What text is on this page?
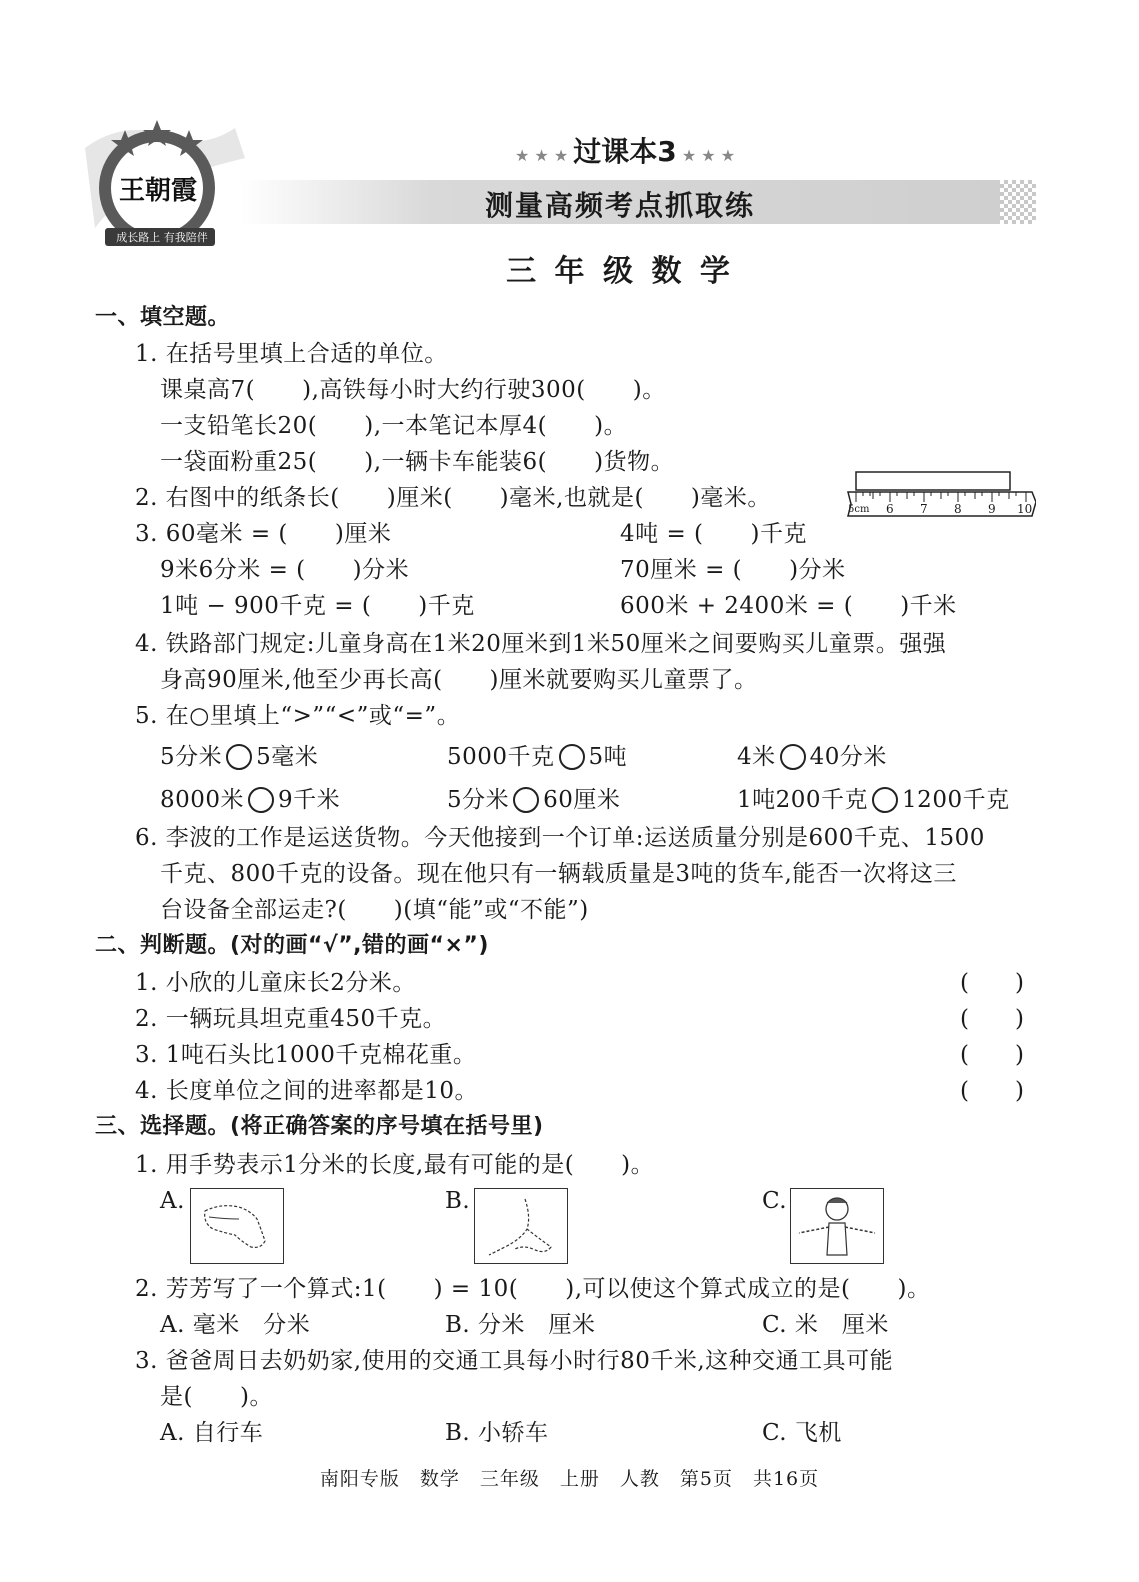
王朝霞
成长路上 有我陪伴
★ ★ ★ 过课本3 ★ ★ ★
测量高频考点抓取练
三 年 级 数 学
一、填空题。
1. 在括号里填上合适的单位。
课桌高7(　　),高铁每小时大约行驶300(　　)。
一支铅笔长20(　　),一本笔记本厚4(　　)。
一袋面粉重25(　　),一辆卡车能装6(　　)货物。
2. 右图中的纸条长(　　)厘米(　　)毫米,也就是(　　)毫米。	5cm 6 7 8 9 10
3. 60毫米 = (　　)厘米	4吨 = (　　)千克
9米6分米 = (　　)分米	70厘米 = (　　)分米
1吨 − 900千克 = (　　)千克	600米 + 2400米 = (　　)千米
4. 铁路部门规定:儿童身高在1米20厘米到1米50厘米之间要购买儿童票。强强
身高90厘米,他至少再长高(　　)厘米就要购买儿童票了。
5. 在○里填上“>”“<”或“=”。
5分米 5毫米	5000千克 5吨	4米 40分米
8000米 9千米	5分米 60厘米	1吨200千克 1200千克
6. 李波的工作是运送货物。今天他接到一个订单:运送质量分别是600千克、1500
千克、800千克的设备。现在他只有一辆载质量是3吨的货车,能否一次将这三
台设备全部运走?(　　)(填“能”或“不能”)
二、判断题。(对的画“√”,错的画“×”)
1. 小欣的儿童床长2分米。	(　　)
2. 一辆玩具坦克重450千克。	(　　)
3. 1吨石头比1000千克棉花重。	(　　)
4. 长度单位之间的进率都是10。	(　　)
三、选择题。(将正确答案的序号填在括号里)
1. 用手势表示1分米的长度,最有可能的是(　　)。
A.	B.	C.
2. 芳芳写了一个算式:1(　　) = 10(　　),可以使这个算式成立的是(　　)。
A. 毫米　分米	B. 分米　厘米	C. 米　厘米
3. 爸爸周日去奶奶家,使用的交通工具每小时行80千米,这种交通工具可能
是(　　)。
A. 自行车	B. 小轿车	C. 飞机
南阳专版　数学　三年级　上册　人教　第5页　共16页
